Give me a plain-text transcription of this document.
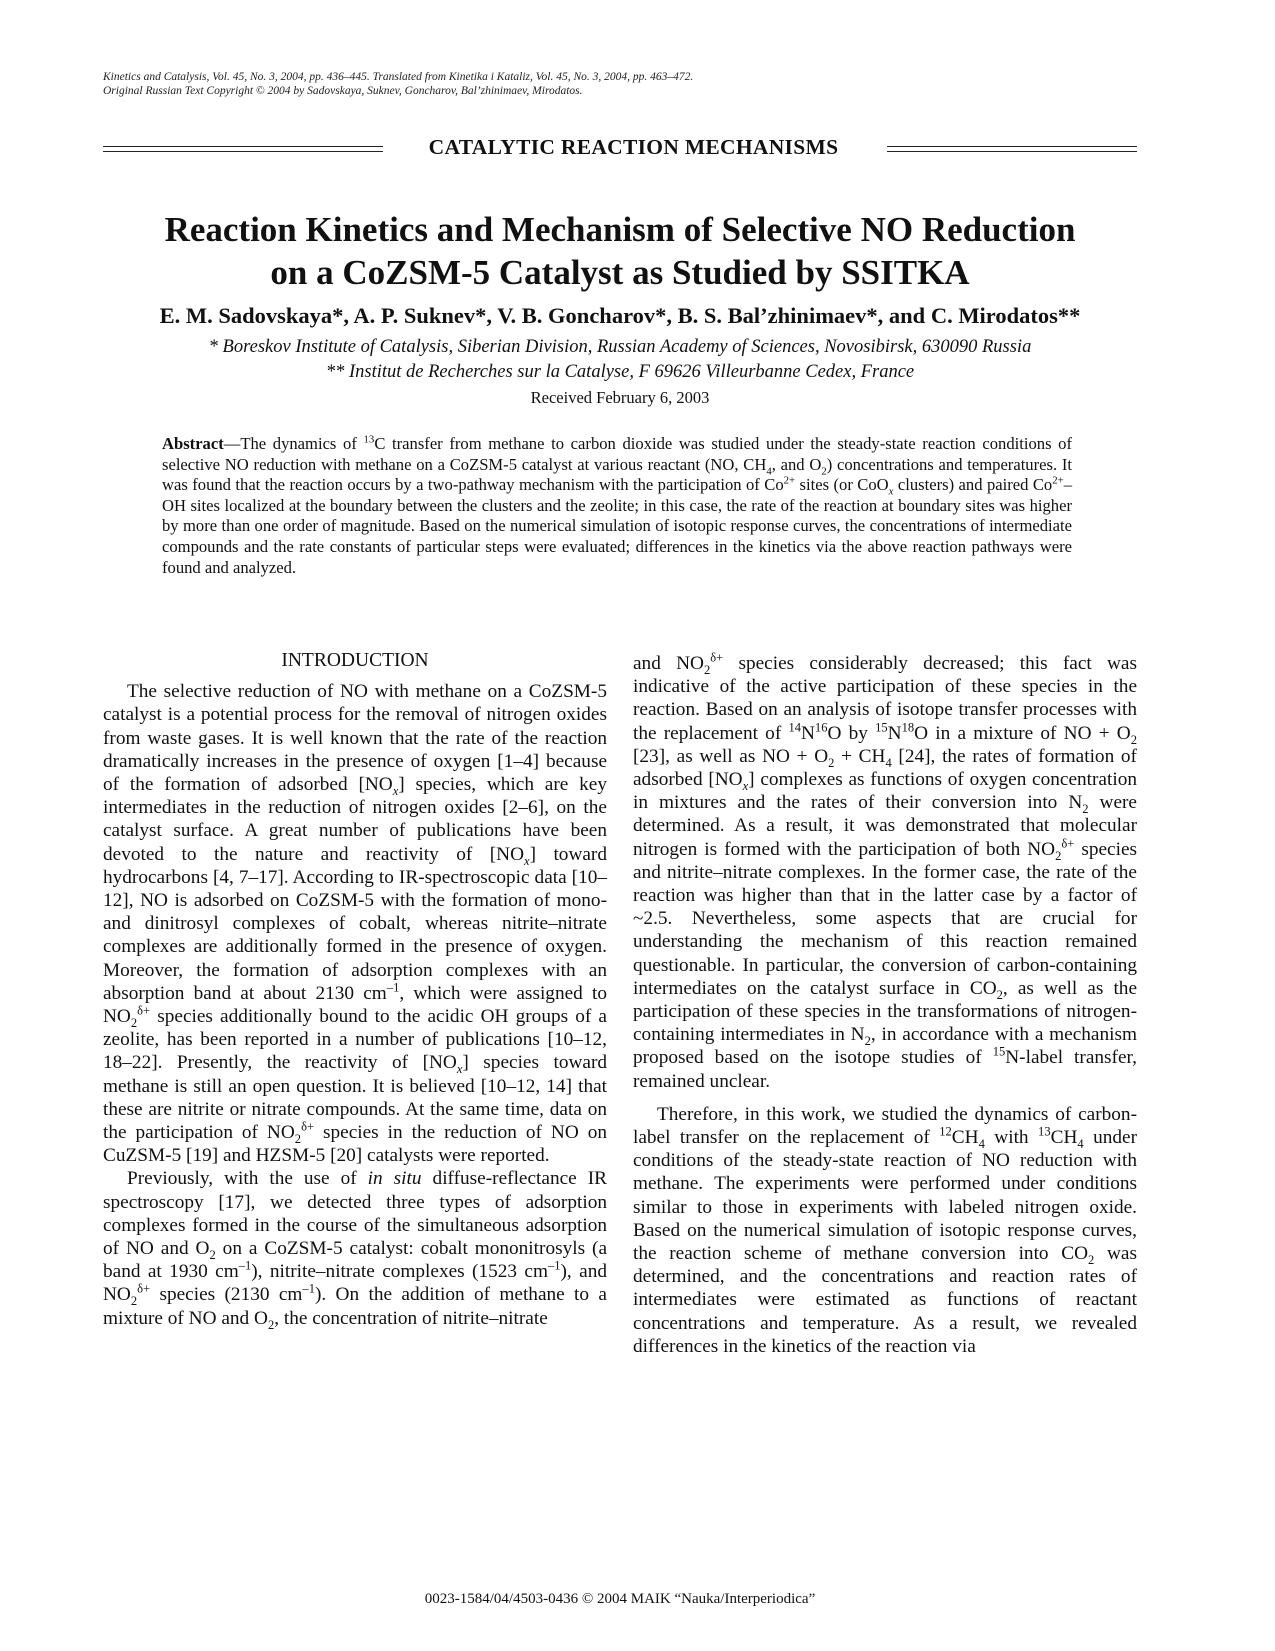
Kinetics and Catalysis, Vol. 45, No. 3, 2004, pp. 436–445. Translated from Kinetika i Kataliz, Vol. 45, No. 3, 2004, pp. 463–472.
Original Russian Text Copyright © 2004 by Sadovskaya, Suknev, Goncharov, Bal’zhinimaev, Mirodatos.
CATALYTIC REACTION MECHANISMS
Reaction Kinetics and Mechanism of Selective NO Reduction
on a CoZSM-5 Catalyst as Studied by SSITKA
E. M. Sadovskaya*, A. P. Suknev*, V. B. Goncharov*, B. S. Bal’zhinimaev*, and C. Mirodatos**
* Boreskov Institute of Catalysis, Siberian Division, Russian Academy of Sciences, Novosibirsk, 630090 Russia
** Institut de Recherches sur la Catalyse, F 69626 Villeurbanne Cedex, France
Received February 6, 2003
Abstract—The dynamics of $^{13}$C transfer from methane to carbon dioxide was studied under the steady-state reaction conditions of selective NO reduction with methane on a CoZSM-5 catalyst at various reactant (NO, $CH_4$, and $O_2$) concentrations and temperatures. It was found that the reaction occurs by a two-pathway mechanism with the participation of $Co^{2+}$ sites (or CoO$_x$ clusters) and paired $Co^{2+}-OH$ sites localized at the boundary between the clusters and the zeolite; in this case, the rate of the reaction at boundary sites was higher by more than one order of magnitude. Based on the numerical simulation of isotopic response curves, the concentrations of intermediate compounds and the rate constants of particular steps were evaluated; differences in the kinetics via the above reaction pathways were found and analyzed.
INTRODUCTION

The selective reduction of NO with methane on a CoZSM-5 catalyst is a potential process for the removal of nitrogen oxides from waste gases. It is well known that the rate of the reaction dramatically increases in the presence of oxygen [1–4] because of the formation of adsorbed $[NO_x]$ species, which are key intermediates in the reduction of nitrogen oxides [2–6], on the catalyst surface. A great number of publications have been devoted to the nature and reactivity of $[NO_x]$ toward hydrocarbons [4, 7–17]. According to IR-spectroscopic data [10–12], NO is adsorbed on CoZSM-5 with the formation of mono- and dinitrosyl complexes of cobalt, whereas nitrite–nitrate complexes are additionally formed in the presence of oxygen. Moreover, the formation of adsorption complexes with an absorption band at about 2130 $cm^{-1}$, which were assigned to $NO_2^{\delta+}$ species additionally bound to the acidic OH groups of a zeolite, has been reported in a number of publications [10–12, 18–22]. Presently, the reactivity of $[NO_x]$ species toward methane is still an open question. It is believed [10–12, 14] that these are nitrite or nitrate compounds. At the same time, data on the participation of $NO_2^{\delta+}$ species in the reduction of NO on CuZSM-5 [19] and HZSM-5 [20] catalysts were reported.

Previously, with the use of in situ diffuse-reflectance IR spectroscopy [17], we detected three types of adsorption complexes formed in the course of the simultaneous adsorption of NO and $O_2$ on a CoZSM-5 catalyst: cobalt mononitrosyls (a band at 1930 $cm^{-1}$), nitrite–nitrate complexes (1523 $cm^{-1}$), and $NO_2^{\delta+}$ species (2130 $cm^{-1}$). On the addition of methane to a mixture of NO and $O_2$, the concentration of nitrite–nitrate

and $NO_2^{\delta+}$ species considerably decreased; this fact was indicative of the active participation of these species in the reaction. Based on an analysis of isotope transfer processes with the replacement of $^{14}N^{16}O$ by $^{15}N^{18}O$ in a mixture of NO + $O_2$ [23], as well as NO + $O_2 + CH_4$ [24], the rates of formation of adsorbed $[NO_x]$ complexes as functions of oxygen concentration in mixtures and the rates of their conversion into $N_2$ were determined. As a result, it was demonstrated that molecular nitrogen is formed with the participation of both $NO_2^{\delta+}$ species and nitrite–nitrate complexes. In the former case, the rate of the reaction was higher than that in the latter case by a factor of ~2.5. Nevertheless, some aspects that are crucial for understanding the mechanism of this reaction remained questionable. In particular, the conversion of carbon-containing intermediates on the catalyst surface in $CO_2$, as well as the participation of these species in the transformations of nitrogen-containing intermediates in $N_2$, in accordance with a mechanism proposed based on the isotope studies of $^{15}$N-label transfer, remained unclear.

Therefore, in this work, we studied the dynamics of carbon-label transfer on the replacement of $^{12}CH_4$ with $^{13}CH_4$ under conditions of the steady-state reaction of NO reduction with methane. The experiments were performed under conditions similar to those in experiments with labeled nitrogen oxide. Based on the numerical simulation of isotopic response curves, the reaction scheme of methane conversion into $CO_2$ was determined, and the concentrations and reaction rates of intermediates were estimated as functions of reactant concentrations and temperature. As a result, we revealed differences in the kinetics of the reaction via

0023-1584/04/4503-0436 © 2004 MAIK “Nauka/Interperiodica”
